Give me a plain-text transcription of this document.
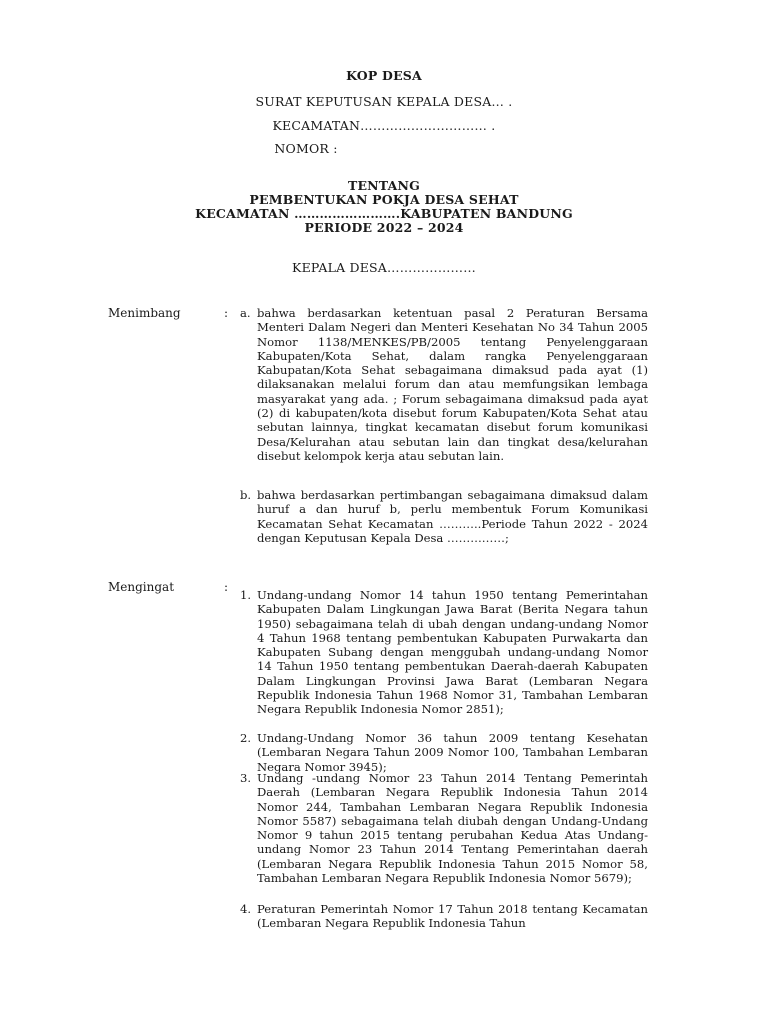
KOP DESA
SURAT KEPUTUSAN KEPALA DESA… .
KECAMATAN………………………… .
NOMOR :
TENTANG
PEMBENTUKAN POKJA DESA SEHAT
KECAMATAN …………………….KABUPATEN BANDUNG
PERIODE 2022 – 2024
KEPALA DESA…………………
Menimbang	: a. bahwa berdasarkan ketentuan pasal 2 Peraturan Bersama Menteri Dalam Negeri dan Menteri Kesehatan No 34 Tahun 2005 Nomor 1138/MENKES/PB/2005 tentang Penyelenggaraan Kabupaten/Kota Sehat, dalam rangka Penyelenggaraan Kabupatan/Kota Sehat sebagaimana dimaksud pada ayat (1) dilaksanakan melalui forum dan atau memfungsikan lembaga masyarakat yang ada. ; Forum sebagaimana dimaksud pada ayat (2) di kabupaten/kota disebut forum Kabupaten/Kota Sehat atau sebutan lainnya, tingkat kecamatan disebut forum komunikasi Desa/Kelurahan atau sebutan lain dan tingkat desa/kelurahan disebut kelompok kerja atau sebutan lain.
b. bahwa berdasarkan pertimbangan sebagaimana dimaksud dalam huruf a dan huruf b, perlu membentuk Forum Komunikasi Kecamatan Sehat Kecamatan ………..Periode Tahun 2022 - 2024 dengan Keputusan Kepala Desa ……………;
Mengingat	:
1. Undang-undang Nomor 14 tahun 1950 tentang Pemerintahan Kabupaten Dalam Lingkungan Jawa Barat (Berita Negara tahun 1950) sebagaimana telah di ubah dengan undang-undang Nomor 4 Tahun 1968 tentang pembentukan Kabupaten Purwakarta dan Kabupaten Subang dengan menggubah undang-undang Nomor 14 Tahun 1950 tentang pembentukan Daerah-daerah Kabupaten Dalam Lingkungan Provinsi Jawa Barat (Lembaran Negara Republik Indonesia Tahun 1968 Nomor 31, Tambahan Lembaran Negara Republik Indonesia Nomor 2851);
2. Undang-Undang Nomor 36 tahun 2009 tentang Kesehatan (Lembaran Negara Tahun 2009 Nomor 100, Tambahan Lembaran Negara Nomor 3945);
3. Undang -undang Nomor 23 Tahun 2014 Tentang Pemerintah Daerah (Lembaran Negara Republik Indonesia Tahun 2014 Nomor 244, Tambahan Lembaran Negara Republik Indonesia Nomor 5587) sebagaimana telah diubah dengan Undang-Undang Nomor 9 tahun 2015 tentang perubahan Kedua Atas Undang-undang Nomor 23 Tahun 2014 Tentang Pemerintahan daerah (Lembaran Negara Republik Indonesia Tahun 2015 Nomor 58, Tambahan Lembaran Negara Republik Indonesia Nomor 5679);
4. Peraturan Pemerintah Nomor 17 Tahun 2018 tentang Kecamatan (Lembaran Negara Republik Indonesia Tahun
